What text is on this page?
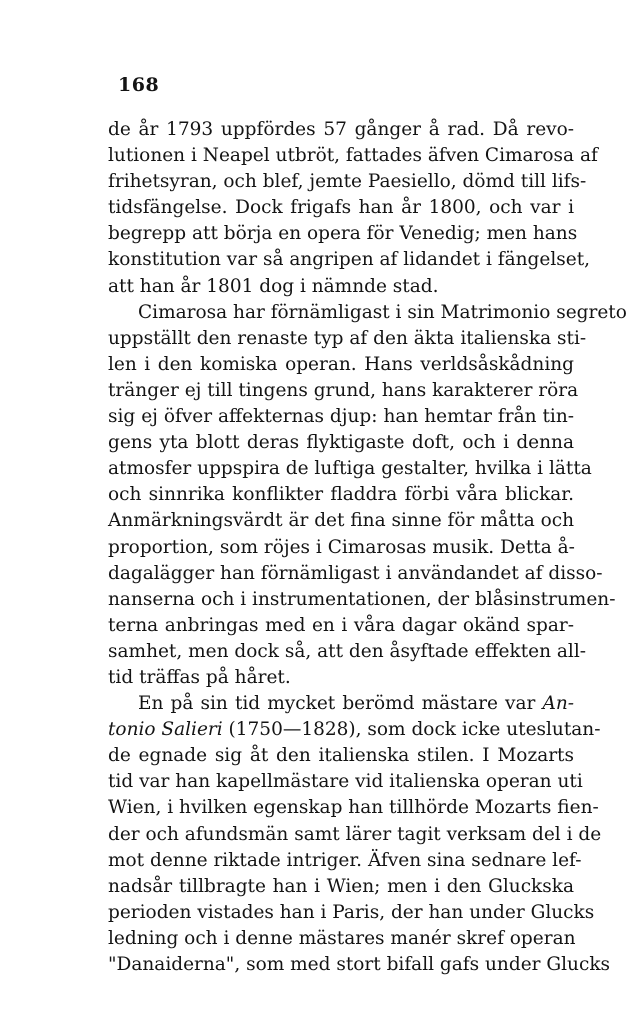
168
de år 1793 uppfördes 57 gånger å rad. Då revo-
lutionen i Neapel utbröt, fattades äfven Cimarosa af
frihetsyran, och blef, jemte Paesiello, dömd till lifs-
tidsfängelse. Dock frigafs han år 1800, och var i
begrepp att börja en opera för Venedig; men hans
konstitution var så angripen af lidandet i fängelset,
att han år 1801 dog i nämnde stad.
Cimarosa har förnämligast i sin Matrimonio segreto
uppställt den renaste typ af den äkta italienska sti-
len i den komiska operan. Hans verldsåskådning
tränger ej till tingens grund, hans karakterer röra
sig ej öfver affekternas djup: han hemtar från tin-
gens yta blott deras flyktigaste doft, och i denna
atmosfer uppspira de luftiga gestalter, hvilka i lätta
och sinnrika konflikter fladdra förbi våra blickar.
Anmärkningsvärdt är det fina sinne för måtta och
proportion, som röjes i Cimarosas musik. Detta å-
dagalägger han förnämligast i användandet af disso-
nanserna och i instrumentationen, der blåsinstrumen-
terna anbringas med en i våra dagar okänd spar-
samhet, men dock så, att den åsyftade effekten all-
tid träffas på håret.
En på sin tid mycket berömd mästare var An-
tonio Salieri (1750—1828), som dock icke uteslutan-
de egnade sig åt den italienska stilen. I Mozarts
tid var han kapellmästare vid italienska operan uti
Wien, i hvilken egenskap han tillhörde Mozarts fien-
der och afundsmän samt lärer tagit verksam del i de
mot denne riktade intriger. Äfven sina sednare lef-
nadsår tillbragte han i Wien; men i den Gluckska
perioden vistades han i Paris, der han under Glucks
ledning och i denne mästares manér skref operan
"Danaiderna", som med stort bifall gafs under Glucks
